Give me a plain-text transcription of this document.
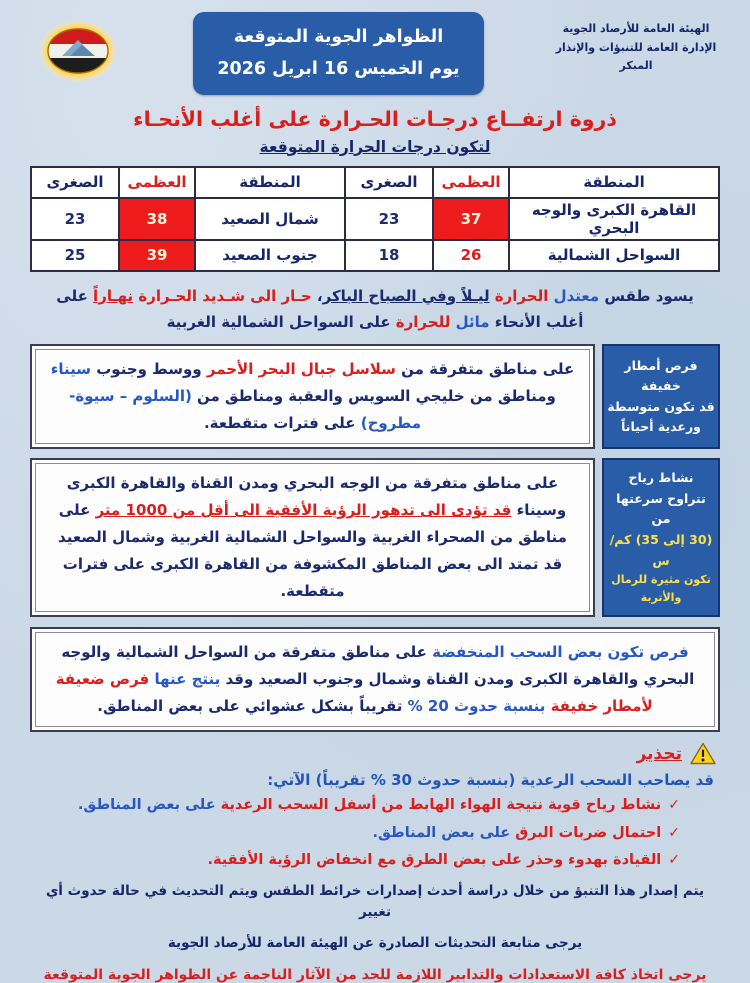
الهيئة العامة للأرصاد الجوية
الإدارة العامة للتنبؤات والإنذار المبكر
الظواهر الجوية المتوقعة
يوم الخميس 16 ابريل 2026
ذروة ارتفــاع درجـات الحـرارة على أغلب الأنحـاء
لتكون درجات الحرارة المتوقعة
المنطقة	العظمى	الصغرى	المنطقة	العظمى	الصغرى
القاهرة الكبرى والوجه البحري	37	23	شمال الصعيد	38	23
السواحل الشمالية	26	18	جنوب الصعيد	39	25
يسود طقس معتدل الحرارة ليـلاً وفي الصباح الباكر، حـار الى شـديد الحـرارة نهـاراً على أغلب الأنحاء مائل للحرارة على السواحل الشمالية الغربية
فرص أمطار خفيفة
قد تكون متوسطة
ورعدية أحياناً
على مناطق متفرقة من سلاسل جبال البحر الأحمر ووسط وجنوب سيناء ومناطق من خليجي السويس والعقبة ومناطق من (السلوم – سيوة- مطروح) على فترات متقطعة.
نشاط رياح
تتراوح سرعتها من
(30 إلى 35) كم/س
تكون مثيرة للرمال والأتربة
على مناطق متفرقة من الوجه البحري ومدن القناة والقاهرة الكبرى وسيناء قد تؤدى الى تدهور الرؤية الأفقية الى أقل من 1000 متر على مناطق من الصحراء الغربية والسواحل الشمالية الغربية وشمال الصعيد قد تمتد الى بعض المناطق المكشوفة من القاهرة الكبرى على فترات متقطعة.
فرص تكون بعض السحب المنخفضة على مناطق متفرقة من السواحل الشمالية والوجه البحري والقاهرة الكبرى ومدن القناة وشمال وجنوب الصعيد وقد ينتج عنها فرص ضعيفة لأمطار خفيفة بنسبة حدوث 20 % تقريباً بشكل عشوائي على بعض المناطق.
تحذير
قد يصاحب السحب الرعدية (بنسبة حدوث 30 % تقريباً) الآتي:
✓
نشاط رياح قوية نتيجة الهواء الهابط من أسفل السحب الرعدية على بعض المناطق.
✓
احتمال ضربات البرق على بعض المناطق.
✓
القيادة بهدوء وحذر على بعض الطرق مع انخفاض الرؤية الأفقية.
يتم إصدار هذا التنبؤ من خلال دراسة أحدث إصدارات خرائط الطقس ويتم التحديث في حالة حدوث أي تغيير
يرجى متابعة التحديثات الصادرة عن الهيئة العامة للأرصاد الجوية
يرجى اتخاذ كافة الاستعدادات والتدابير اللازمة للحد من الآثار الناجمة عن الظواهر الجوية المتوقعة
